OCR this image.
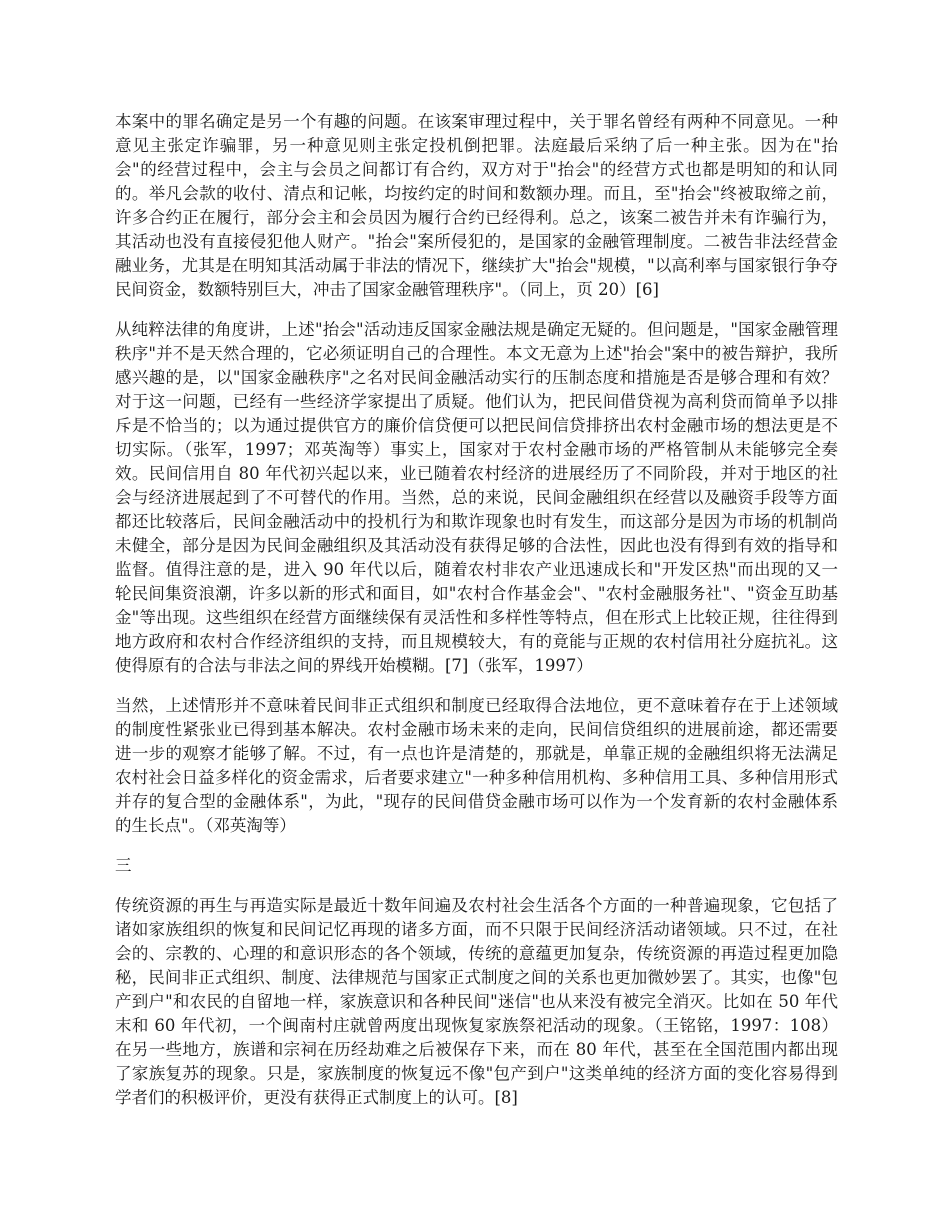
本案中的罪名确定是另一个有趣的问题。在该案审理过程中，关于罪名曾经有两种不同意见。一种意见主张定诈骗罪，另一种意见则主张定投机倒把罪。法庭最后采纳了后一种主张。因为在"抬会"的经营过程中，会主与会员之间都订有合约，双方对于"抬会"的经营方式也都是明知的和认同的。举凡会款的收付、清点和记帐，均按约定的时间和数额办理。而且，至"抬会"终被取缔之前，许多合约正在履行，部分会主和会员因为履行合约已经得利。总之，该案二被告并未有诈骗行为，其活动也没有直接侵犯他人财产。"抬会"案所侵犯的，是国家的金融管理制度。二被告非法经营金融业务，尤其是在明知其活动属于非法的情况下，继续扩大"抬会"规模，"以高利率与国家银行争夺民间资金，数额特别巨大，冲击了国家金融管理秩序"。（同上，页 20）[6]

从纯粹法律的角度讲，上述"抬会"活动违反国家金融法规是确定无疑的。但问题是，"国家金融管理秩序"并不是天然合理的，它必须证明自己的合理性。本文无意为上述"抬会"案中的被告辩护，我所感兴趣的是，以"国家金融秩序"之名对民间金融活动实行的压制态度和措施是否是够合理和有效？对于这一问题，已经有一些经济学家提出了质疑。他们认为，把民间借贷视为高利贷而简单予以排斥是不恰当的；以为通过提供官方的廉价信贷便可以把民间信贷排挤出农村金融市场的想法更是不切实际。（张军，1997；邓英淘等）事实上，国家对于农村金融市场的严格管制从未能够完全奏效。民间信用自 80 年代初兴起以来，业已随着农村经济的进展经历了不同阶段，并对于地区的社会与经济进展起到了不可替代的作用。当然，总的来说，民间金融组织在经营以及融资手段等方面都还比较落后，民间金融活动中的投机行为和欺诈现象也时有发生，而这部分是因为市场的机制尚未健全，部分是因为民间金融组织及其活动没有获得足够的合法性，因此也没有得到有效的指导和监督。值得注意的是，进入 90 年代以后，随着农村非农产业迅速成长和"开发区热"而出现的又一轮民间集资浪潮，许多以新的形式和面目，如"农村合作基金会"、"农村金融服务社"、"资金互助基金"等出现。这些组织在经营方面继续保有灵活性和多样性等特点，但在形式上比较正规，往往得到地方政府和农村合作经济组织的支持，而且规模较大，有的竟能与正规的农村信用社分庭抗礼。这使得原有的合法与非法之间的界线开始模糊。[7]（张军，1997）

当然，上述情形并不意味着民间非正式组织和制度已经取得合法地位，更不意味着存在于上述领域的制度性紧张业已得到基本解决。农村金融市场未来的走向，民间信贷组织的进展前途，都还需要进一步的观察才能够了解。不过，有一点也许是清楚的，那就是，单靠正规的金融组织将无法满足农村社会日益多样化的资金需求，后者要求建立"一种多种信用机构、多种信用工具、多种信用形式并存的复合型的金融体系"，为此，"现存的民间借贷金融市场可以作为一个发育新的农村金融体系的生长点"。（邓英淘等）

三

传统资源的再生与再造实际是最近十数年间遍及农村社会生活各个方面的一种普遍现象，它包括了诸如家族组织的恢复和民间记忆再现的诸多方面，而不只限于民间经济活动诸领域。只不过，在社会的、宗教的、心理的和意识形态的各个领域，传统的意蕴更加复杂，传统资源的再造过程更加隐秘，民间非正式组织、制度、法律规范与国家正式制度之间的关系也更加微妙罢了。其实，也像"包产到户"和农民的自留地一样，家族意识和各种民间"迷信"也从来没有被完全消灭。比如在 50 年代末和 60 年代初，一个闽南村庄就曾两度出现恢复家族祭祀活动的现象。（王铭铭，1997：108）在另一些地方，族谱和宗祠在历经劫难之后被保存下来，而在 80 年代，甚至在全国范围内都出现了家族复苏的现象。只是，家族制度的恢复远不像"包产到户"这类单纯的经济方面的变化容易得到学者们的积极评价，更没有获得正式制度上的认可。[8]
